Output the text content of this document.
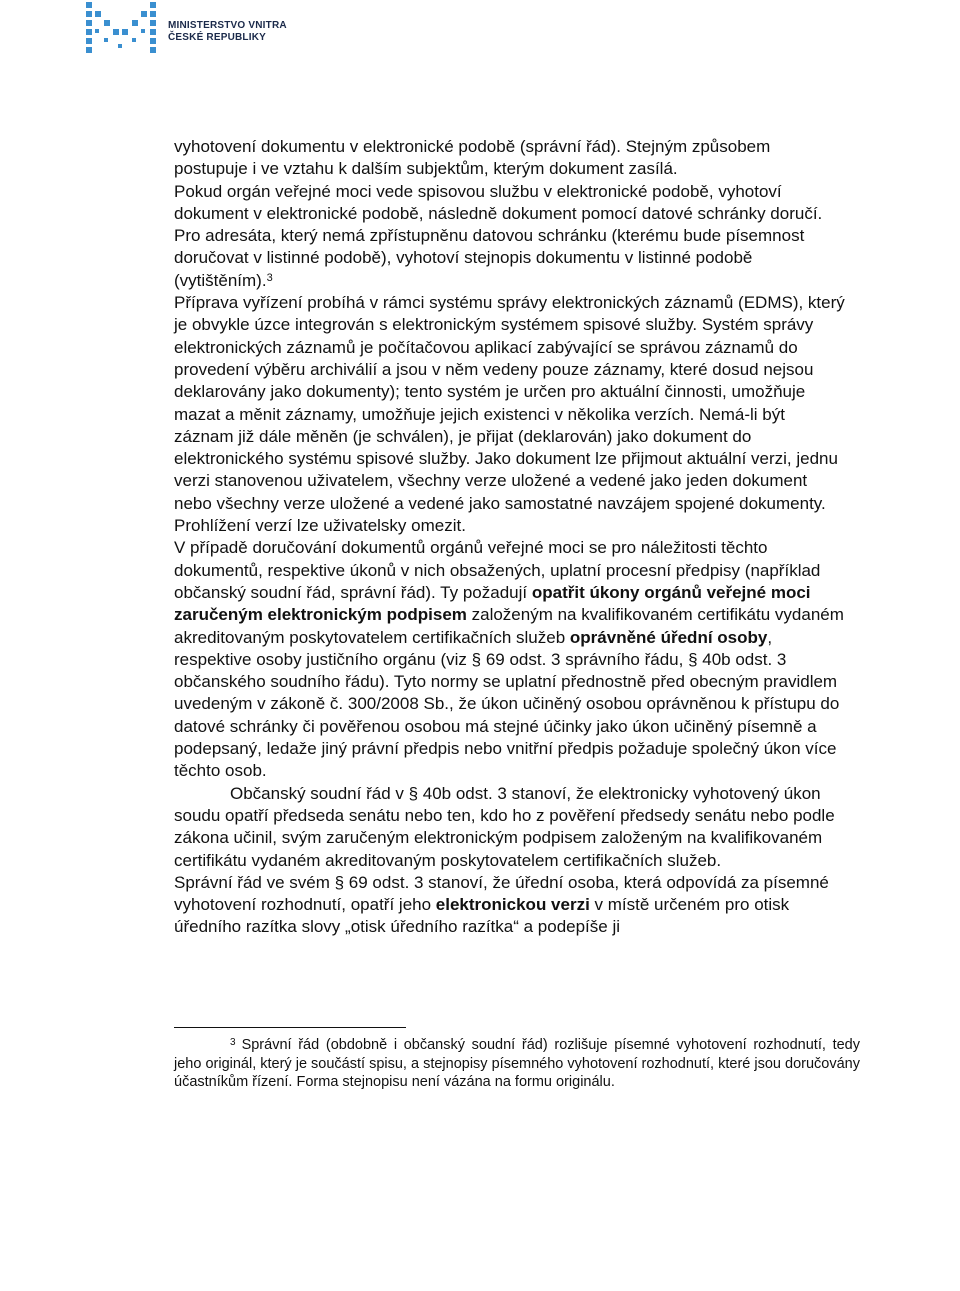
MINISTERSTVO VNITRA
ČESKÉ REPUBLIKY

vyhotovení dokumentu v elektronické podobě (správní řád). Stejným způsobem postupuje i ve vztahu k dalším subjektům, kterým dokument zasílá.

Pokud orgán veřejné moci vede spisovou službu v elektronické podobě, vyhotoví dokument v elektronické podobě, následně dokument pomocí datové schránky doručí. Pro adresáta, který nemá zpřístupněnu datovou schránku (kterému bude písemnost doručovat v listinné podobě), vyhotoví stejnopis dokumentu v listinné podobě (vytištěním).$^3$

Příprava vyřízení probíhá v rámci systému správy elektronických záznamů (EDMS), který je obvykle úzce integrován s elektronickým systémem spisové služby. Systém správy elektronických záznamů je počítačovou aplikací zabývající se správou záznamů do provedení výběru archiválií a jsou v něm vedeny pouze záznamy, které dosud nejsou deklarovány jako dokumenty); tento systém je určen pro aktuální činnosti, umožňuje mazat a měnit záznamy, umožňuje jejich existenci v několika verzích. Nemá-li být záznam již dále měněn (je schválen), je přijat (deklarován) jako dokument do elektronického systému spisové služby. Jako dokument lze přijmout aktuální verzi, jednu verzi stanovenou uživatelem, všechny verze uložené a vedené jako jeden dokument nebo všechny verze uložené a vedené jako samostatné navzájem spojené dokumenty. Prohlížení verzí lze uživatelsky omezit.

V případě doručování dokumentů orgánů veřejné moci se pro náležitosti těchto dokumentů, respektive úkonů v nich obsažených, uplatní procesní předpisy (například občanský soudní řád, správní řád). Ty požadují opatřit úkony orgánů veřejné moci zaručeným elektronickým podpisem založeným na kvalifikovaném certifikátu vydaném akreditovaným poskytovatelem certifikačních služeb oprávněné úřední osoby, respektive osoby justičního orgánu (viz § 69 odst. 3 správního řádu, § 40b odst. 3 občanského soudního řádu). Tyto normy se uplatní přednostně před obecným pravidlem uvedeným v zákoně č. 300/2008 Sb., že úkon učiněný osobou oprávněnou k přístupu do datové schránky či pověřenou osobou má stejné účinky jako úkon učiněný písemně a podepsaný, ledaže jiný právní předpis nebo vnitřní předpis požaduje společný úkon více těchto osob.

Občanský soudní řád v § 40b odst. 3 stanoví, že elektronicky vyhotovený úkon soudu opatří předseda senátu nebo ten, kdo ho z pověření předsedy senátu nebo podle zákona učinil, svým zaručeným elektronickým podpisem založeným na kvalifikovaném certifikátu vydaném akreditovaným poskytovatelem certifikačních služeb.

Správní řád ve svém § 69 odst. 3 stanoví, že úřední osoba, která odpovídá za písemné vyhotovení rozhodnutí, opatří jeho elektronickou verzi v místě určeném pro otisk úředního razítka slovy „otisk úředního razítka“ a podepíše ji

$^3$ Správní řád (obdobně i občanský soudní řád) rozlišuje písemné vyhotovení rozhodnutí, tedy jeho originál, který je součástí spisu, a stejnopisy písemného vyhotovení rozhodnutí, které jsou doručovány účastníkům řízení. Forma stejnopisu není vázána na formu originálu.
